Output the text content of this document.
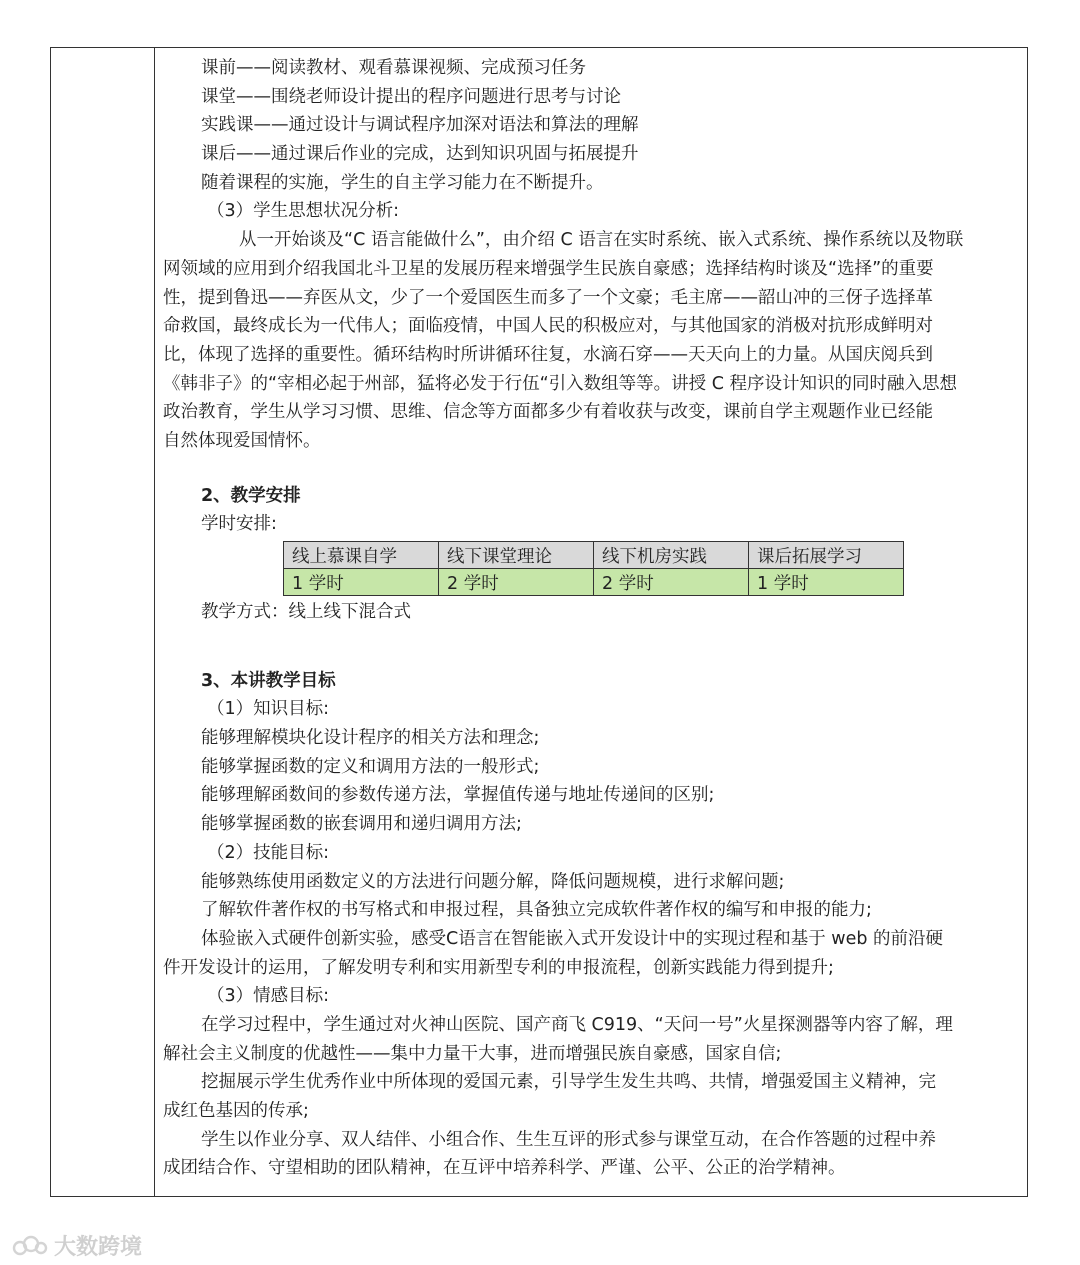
课前——阅读教材、观看慕课视频、完成预习任务
课堂——围绕老师设计提出的程序问题进行思考与讨论
实践课——通过设计与调试程序加深对语法和算法的理解
课后——通过课后作业的完成，达到知识巩固与拓展提升
随着课程的实施，学生的自主学习能力在不断提升。
（3）学生思想状况分析:
从一开始谈及“C 语言能做什么”，由介绍 C 语言在实时系统、嵌入式系统、操作系统以及物联
网领域的应用到介绍我国北斗卫星的发展历程来增强学生民族自豪感；选择结构时谈及“选择”的重要
性，提到鲁迅——弃医从文，少了一个爱国医生而多了一个文豪；毛主席——韶山冲的三伢子选择革
命救国，最终成长为一代伟人；面临疫情，中国人民的积极应对，与其他国家的消极对抗形成鲜明对
比，体现了选择的重要性。循环结构时所讲循环往复，水滴石穿——天天向上的力量。从国庆阅兵到
《韩非子》的“宰相必起于州部，猛将必发于行伍“引入数组等等。讲授 C 程序设计知识的同时融入思想
政治教育，学生从学习习惯、思维、信念等方面都多少有着收获与改变，课前自学主观题作业已经能
自然体现爱国情怀。
2、教学安排
学时安排:
线上慕课自学	线下课堂理论	线下机房实践	课后拓展学习
1 学时	2 学时	2 学时	1 学时
教学方式：线上线下混合式
3、本讲教学目标
（1）知识目标:
能够理解模块化设计程序的相关方法和理念;
能够掌握函数的定义和调用方法的一般形式;
能够理解函数间的参数传递方法，掌握值传递与地址传递间的区别;
能够掌握函数的嵌套调用和递归调用方法;
（2）技能目标:
能够熟练使用函数定义的方法进行问题分解，降低问题规模，进行求解问题;
了解软件著作权的书写格式和申报过程，具备独立完成软件著作权的编写和申报的能力;
体验嵌入式硬件创新实验，感受C语言在智能嵌入式开发设计中的实现过程和基于 web 的前沿硬
件开发设计的运用，了解发明专利和实用新型专利的申报流程，创新实践能力得到提升;
（3）情感目标:
在学习过程中，学生通过对火神山医院、国产商飞 C919、“天问一号”火星探测器等内容了解，理
解社会主义制度的优越性——集中力量干大事，进而增强民族自豪感，国家自信;
挖掘展示学生优秀作业中所体现的爱国元素，引导学生发生共鸣、共情，增强爱国主义精神，完
成红色基因的传承;
学生以作业分享、双人结伴、小组合作、生生互评的形式参与课堂互动，在合作答题的过程中养
成团结合作、守望相助的团队精神，在互评中培养科学、严谨、公平、公正的治学精神。
大数跨境
